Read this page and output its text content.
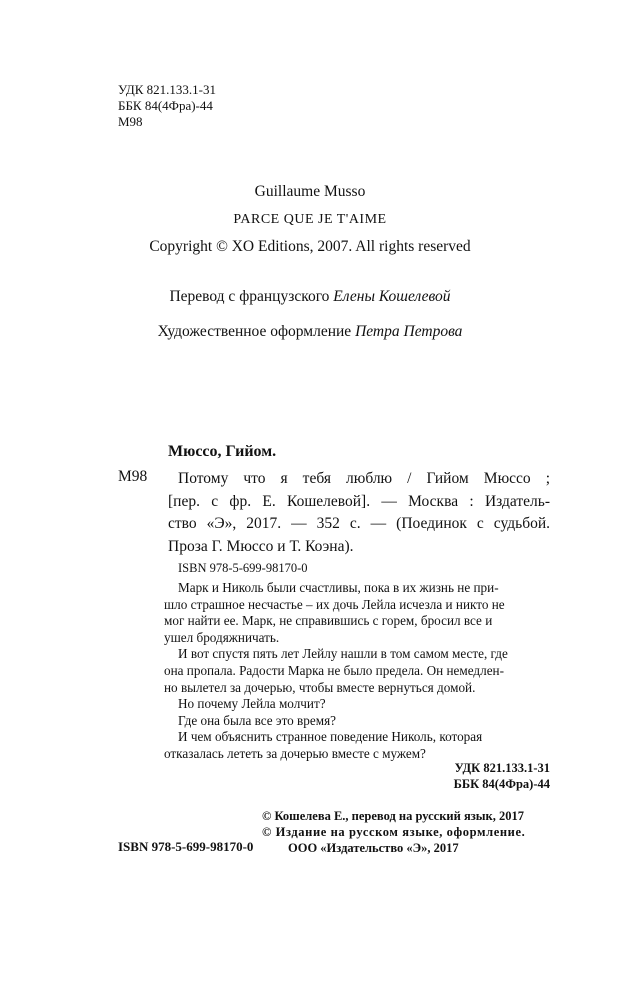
УДК 821.133.1-31
ББК 84(4Фра)-44
М98
Guillaume Musso
PARCE QUE JE T'AIME
Copyright © XO Editions, 2007. All rights reserved
Перевод с французского Елены Кошелевой
Художественное оформление Петра Петрова
Мюссо, Гийом.
М98 Потому что я тебя люблю / Гийом Мюссо ;
[пер. с фр. Е. Кошелевой]. — Москва : Издатель-
ство «Э», 2017. — 352 с. — (Поединок с судьбой.
Проза Г. Мюссо и Т. Коэна).
ISBN 978-5-699-98170-0
Марк и Николь были счастливы, пока в их жизнь не при-
шло страшное несчастье – их дочь Лейла исчезла и никто не
мог найти ее. Марк, не справившись с горем, бросил все и
ушел бродяжничать.
И вот спустя пять лет Лейлу нашли в том самом месте, где
она пропала. Радости Марка не было предела. Он немедлен-
но вылетел за дочерью, чтобы вместе вернуться домой.
Но почему Лейла молчит?
Где она была все это время?
И чем объяснить странное поведение Николь, которая
отказалась лететь за дочерью вместе с мужем?
УДК 821.133.1-31
ББК 84(4Фра)-44
ISBN 978-5-699-98170-0
© Кошелева Е., перевод на русский язык, 2017
© Издание на русском языке, оформление.
ООО «Издательство «Э», 2017
